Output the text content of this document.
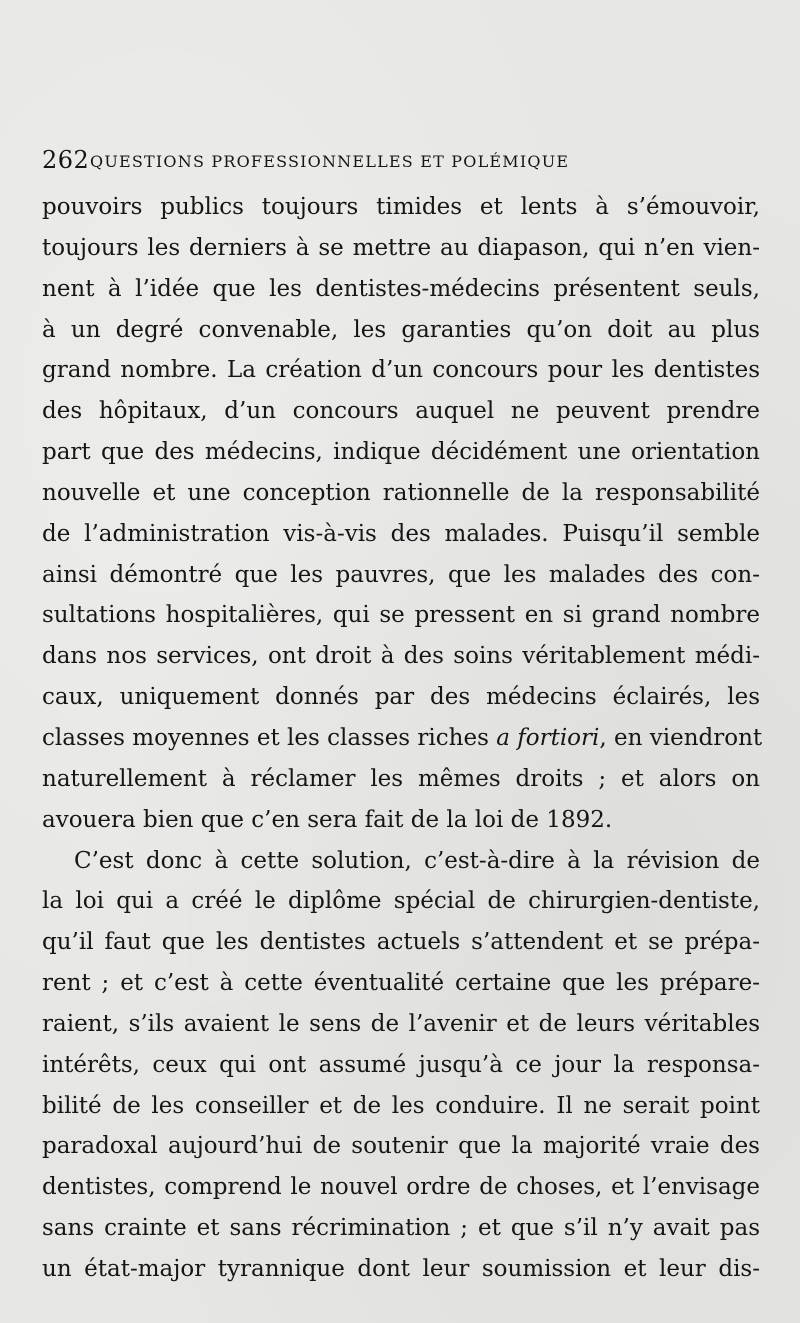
262 QUESTIONS PROFESSIONNELLES ET POLÉMIQUE
pouvoirs publics toujours timides et lents à s’émouvoir,
toujours les derniers à se mettre au diapason, qui n’en vien-
nent à l’idée que les dentistes-médecins présentent seuls,
à un degré convenable, les garanties qu’on doit au plus
grand nombre. La création d’un concours pour les dentistes
des hôpitaux, d’un concours auquel ne peuvent prendre
part que des médecins, indique décidément une orientation
nouvelle et une conception rationnelle de la responsabilité
de l’administration vis-à-vis des malades. Puisqu’il semble
ainsi démontré que les pauvres, que les malades des con-
sultations hospitalières, qui se pressent en si grand nombre
dans nos services, ont droit à des soins véritablement médi-
caux, uniquement donnés par des médecins éclairés, les
classes moyennes et les classes riches a fortiori, en viendront
naturellement à réclamer les mêmes droits ; et alors on
avouera bien que c’en sera fait de la loi de 1892.
C’est donc à cette solution, c’est-à-dire à la révision de
la loi qui a créé le diplôme spécial de chirurgien-dentiste,
qu’il faut que les dentistes actuels s’attendent et se prépa-
rent ; et c’est à cette éventualité certaine que les prépare-
raient, s’ils avaient le sens de l’avenir et de leurs véritables
intérêts, ceux qui ont assumé jusqu’à ce jour la responsa-
bilité de les conseiller et de les conduire. Il ne serait point
paradoxal aujourd’hui de soutenir que la majorité vraie des
dentistes, comprend le nouvel ordre de choses, et l’envisage
sans crainte et sans récrimination ; et que s’il n’y avait pas
un état-major tyrannique dont leur soumission et leur dis-
